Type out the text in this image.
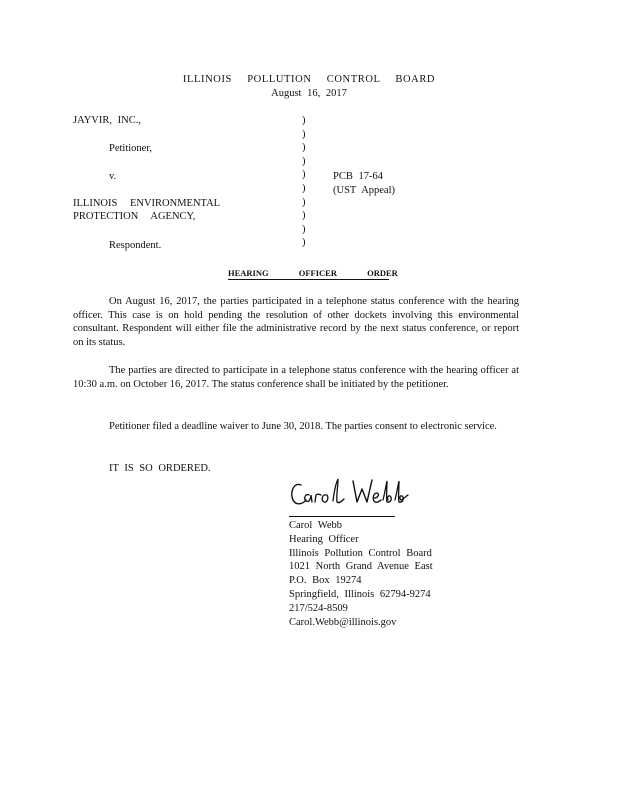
ILLINOIS POLLUTION CONTROL BOARD
August 16, 2017
JAYVIR, INC.,
Petitioner,
v.
ILLINOIS ENVIRONMENTAL
PROTECTION AGENCY,
Respondent.
)
)
)
)
)
)
)
)
)
)
PCB 17-64
(UST Appeal)
HEARING OFFICER ORDER
On August 16, 2017, the parties participated in a telephone status conference with the hearing officer. This case is on hold pending the resolution of other dockets involving this environmental consultant. Respondent will either file the administrative record by the next status conference, or report on its status.
The parties are directed to participate in a telephone status conference with the hearing officer at 10:30 a.m. on October 16, 2017. The status conference shall be initiated by the petitioner.
Petitioner filed a deadline waiver to June 30, 2018. The parties consent to electronic service.
IT IS SO ORDERED.
Carol Webb
Hearing Officer
Illinois Pollution Control Board
1021 North Grand Avenue East
P.O. Box 19274
Springfield, Illinois 62794-9274
217/524-8509
Carol.Webb@illinois.gov
